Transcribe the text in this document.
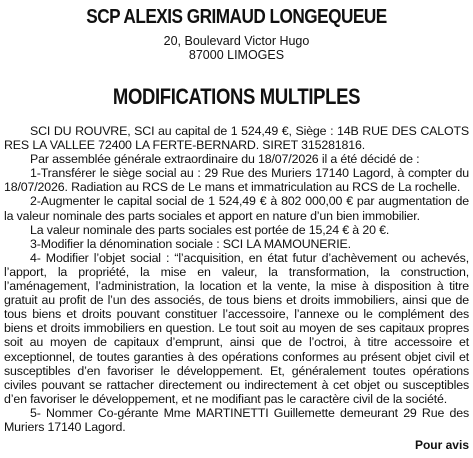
SCP ALEXIS GRIMAUD LONGEQUEUE
20, Boulevard Victor Hugo
87000 LIMOGES
MODIFICATIONS MULTIPLES

SCI DU ROUVRE, SCI au capital de 1 524,49 €, Siège : 14B RUE DES CALOTS RES LA VALLEE 72400 LA FERTE-BERNARD. SIRET 315281816.

Par assemblée générale extraordinaire du 18/07/2026 il a été décidé de :

1-Transférer le siège social au : 29 Rue des Muriers 17140 Lagord, à compter du 18/07/2026. Radiation au RCS de Le mans et immatriculation au RCS de La rochelle.

2-Augmenter le capital social de 1 524,49 € à 802 000,00 € par augmentation de la valeur nominale des parts sociales et apport en nature d’un bien immobilier.

La valeur nominale des parts sociales est portée de 15,24 € à 20 €.

3-Modifier la dénomination sociale : SCI LA MAMOUNERIE.

4- Modifier l’objet social : “l’acquisition, en état futur d’achèvement ou achevés, l’apport, la propriété, la mise en valeur, la transformation, la construction, l’aménagement, l’administration, la location et la vente, la mise à disposition à titre gratuit au profit de l’un des associés, de tous biens et droits immobiliers, ainsi que de tous biens et droits pouvant constituer l’accessoire, l’annexe ou le complément des biens et droits immobiliers en question. Le tout soit au moyen de ses capitaux propres soit au moyen de capitaux d’emprunt, ainsi que de l’octroi, à titre accessoire et exceptionnel, de toutes garanties à des opérations conformes au présent objet civil et susceptibles d’en favoriser le développement. Et, généralement toutes opérations civiles pouvant se rattacher directement ou indirectement à cet objet ou susceptibles d’en favoriser le développement, et ne modifiant pas le caractère civil de la société.

5- Nommer Co-gérante Mme MARTINETTI Guillemette demeurant 29 Rue des Muriers 17140 Lagord.

Pour avis
